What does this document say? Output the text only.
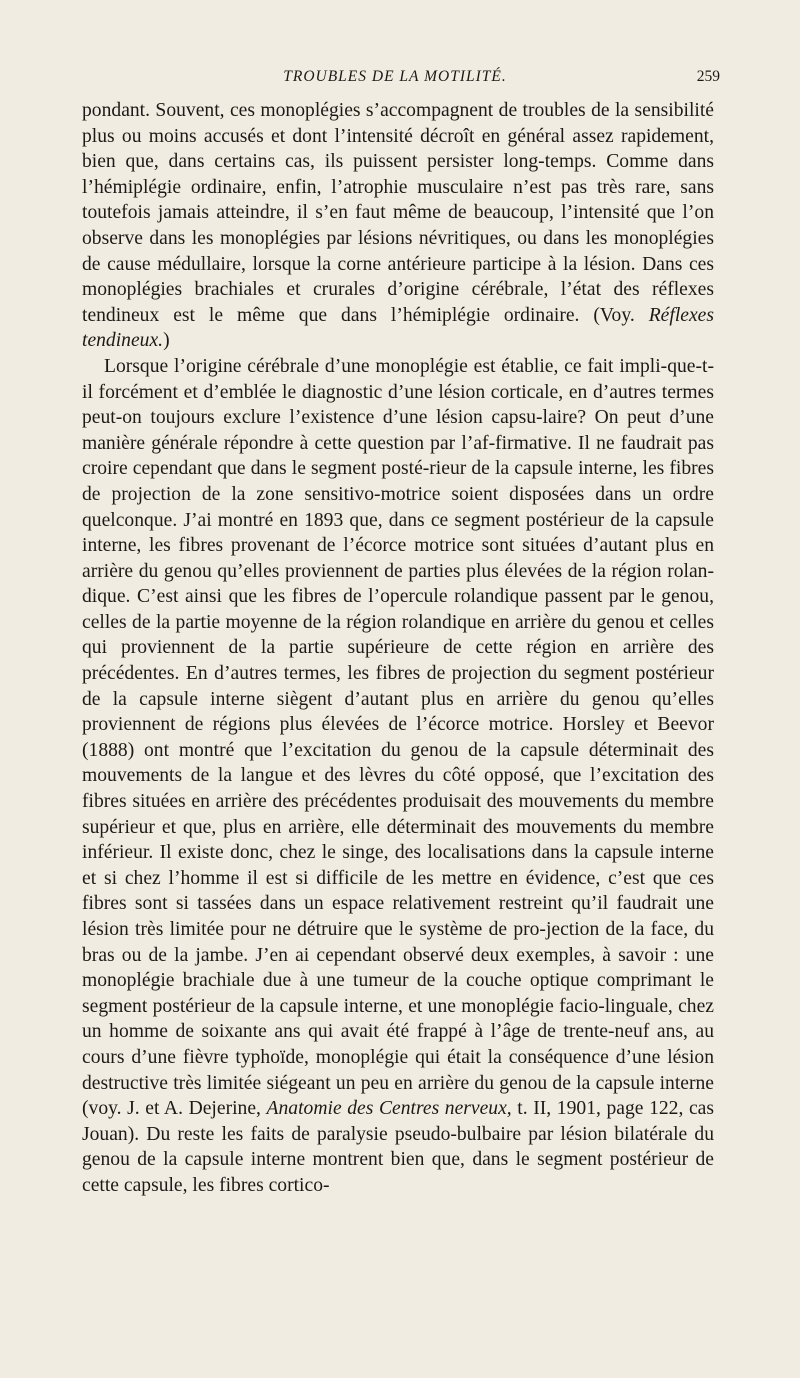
TROUBLES DE LA MOTILITÉ.	259

pondant. Souvent, ces monoplégies s’accompagnent de troubles de la sensibilité plus ou moins accusés et dont l’intensité décroît en général assez rapidement, bien que, dans certains cas, ils puissent persister long-temps. Comme dans l’hémiplégie ordinaire, enfin, l’atrophie musculaire n’est pas très rare, sans toutefois jamais atteindre, il s’en faut même de beaucoup, l’intensité que l’on observe dans les monoplégies par lésions névritiques, ou dans les monoplégies de cause médullaire, lorsque la corne antérieure participe à la lésion. Dans ces monoplégies brachiales et crurales d’origine cérébrale, l’état des réflexes tendineux est le même que dans l’hémiplégie ordinaire. (Voy. Réflexes tendineux.)

Lorsque l’origine cérébrale d’une monoplégie est établie, ce fait impli-que-t-il forcément et d’emblée le diagnostic d’une lésion corticale, en d’autres termes peut-on toujours exclure l’existence d’une lésion capsu-laire? On peut d’une manière générale répondre à cette question par l’af-firmative. Il ne faudrait pas croire cependant que dans le segment posté-rieur de la capsule interne, les fibres de projection de la zone sensitivo-motrice soient disposées dans un ordre quelconque. J’ai montré en 1893 que, dans ce segment postérieur de la capsule interne, les fibres provenant de l’écorce motrice sont situées d’autant plus en arrière du genou qu’elles proviennent de parties plus élevées de la région rolan-dique. C’est ainsi que les fibres de l’opercule rolandique passent par le genou, celles de la partie moyenne de la région rolandique en arrière du genou et celles qui proviennent de la partie supérieure de cette région en arrière des précédentes. En d’autres termes, les fibres de projection du segment postérieur de la capsule interne siègent d’autant plus en arrière du genou qu’elles proviennent de régions plus élevées de l’écorce motrice. Horsley et Beevor (1888) ont montré que l’excitation du genou de la capsule déterminait des mouvements de la langue et des lèvres du côté opposé, que l’excitation des fibres situées en arrière des précédentes produisait des mouvements du membre supérieur et que, plus en arrière, elle déterminait des mouvements du membre inférieur. Il existe donc, chez le singe, des localisations dans la capsule interne et si chez l’homme il est si difficile de les mettre en évidence, c’est que ces fibres sont si tassées dans un espace relativement restreint qu’il faudrait une lésion très limitée pour ne détruire que le système de pro-jection de la face, du bras ou de la jambe. J’en ai cependant observé deux exemples, à savoir : une monoplégie brachiale due à une tumeur de la couche optique comprimant le segment postérieur de la capsule interne, et une monoplégie facio-linguale, chez un homme de soixante ans qui avait été frappé à l’âge de trente-neuf ans, au cours d’une fièvre typhoïde, monoplégie qui était la conséquence d’une lésion destructive très limitée siégeant un peu en arrière du genou de la capsule interne (voy. J. et A. Dejerine, Anatomie des Centres nerveux, t. II, 1901, page 122, cas Jouan). Du reste les faits de paralysie pseudo-bulbaire par lésion bilatérale du genou de la capsule interne montrent bien que, dans le segment postérieur de cette capsule, les fibres cortico-
